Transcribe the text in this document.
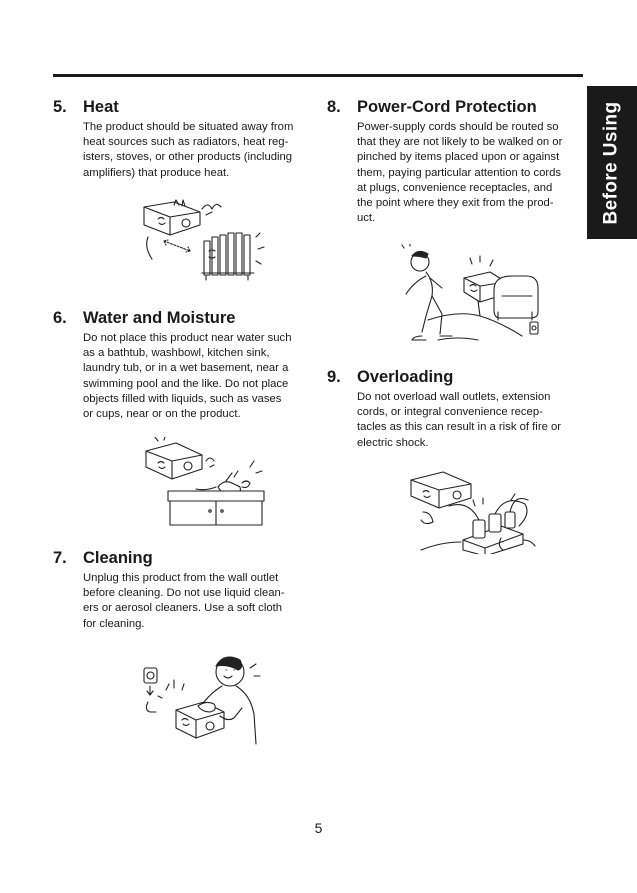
Before Using
5. Heat
The product should be situated away from
heat sources such as radiators, heat reg-
isters, stoves, or other products (including
amplifiers) that produce heat.
6. Water and Moisture
Do not place this product near water such
as a bathtub, washbowl, kitchen sink,
laundry tub, or in a wet basement, near a
swimming pool and the like. Do not place
objects filled with liquids, such as vases
or cups, near or on the product.
7. Cleaning
Unplug this product from the wall outlet
before cleaning. Do not use liquid clean-
ers or aerosol cleaners. Use a soft cloth
for cleaning.
8. Power-Cord Protection
Power-supply cords should be routed so
that they are not likely to be walked on or
pinched by items placed upon or against
them, paying particular attention to cords
at plugs, convenience receptacles, and
the point where they exit from the prod-
uct.
9. Overloading
Do not overload wall outlets, extension
cords, or integral convenience recep-
tacles as this can result in a risk of fire or
electric shock.
5
